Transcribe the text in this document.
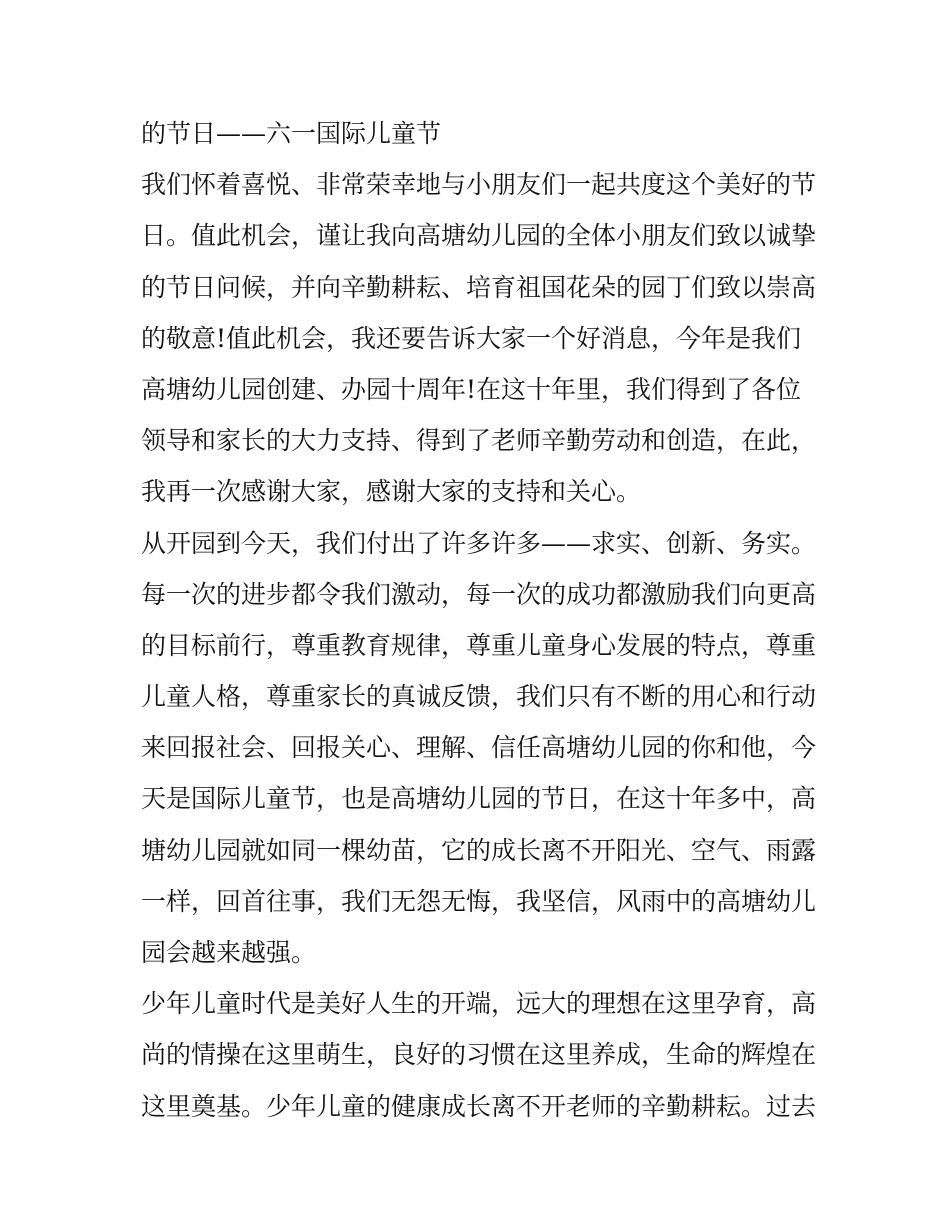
的节日——六一国际儿童节
我们怀着喜悦、非常荣幸地与小朋友们一起共度这个美好的节
日。值此机会，谨让我向高塘幼儿园的全体小朋友们致以诚挚
的节日问候，并向辛勤耕耘、培育祖国花朵的园丁们致以崇高
的敬意!值此机会，我还要告诉大家一个好消息，今年是我们
高塘幼儿园创建、办园十周年!在这十年里，我们得到了各位
领导和家长的大力支持、得到了老师辛勤劳动和创造，在此，
我再一次感谢大家，感谢大家的支持和关心。
从开园到今天，我们付出了许多许多——求实、创新、务实。
每一次的进步都令我们激动，每一次的成功都激励我们向更高
的目标前行，尊重教育规律，尊重儿童身心发展的特点，尊重
儿童人格，尊重家长的真诚反馈，我们只有不断的用心和行动
来回报社会、回报关心、理解、信任高塘幼儿园的你和他，今
天是国际儿童节，也是高塘幼儿园的节日，在这十年多中，高
塘幼儿园就如同一棵幼苗，它的成长离不开阳光、空气、雨露
一样，回首往事，我们无怨无悔，我坚信，风雨中的高塘幼儿
园会越来越强。
少年儿童时代是美好人生的开端，远大的理想在这里孕育，高
尚的情操在这里萌生，良好的习惯在这里养成，生命的辉煌在
这里奠基。少年儿童的健康成长离不开老师的辛勤耕耘。过去
